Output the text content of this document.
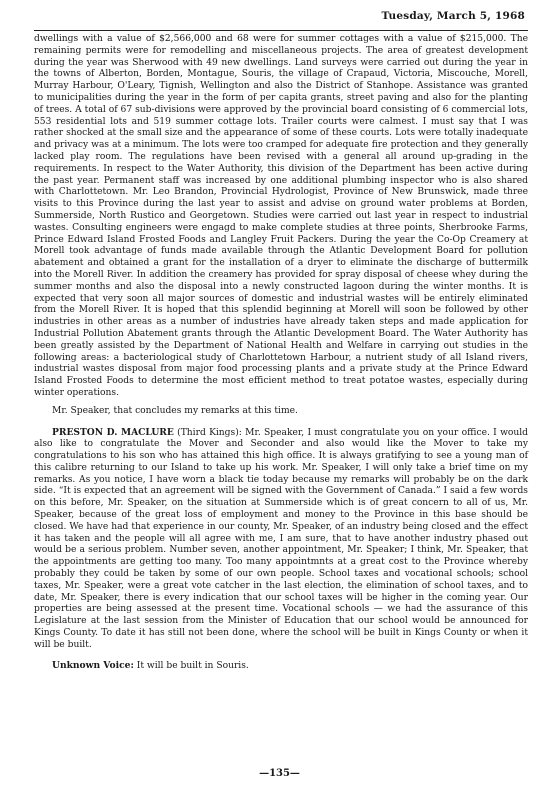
Tuesday, March 5, 1968

dwellings with a value of $2,566,000 and 68 were for summer cottages with a value of $215,000. The remaining permits were for remodelling and miscellaneous projects. The area of greatest development during the year was Sherwood with 49 new dwellings. Land surveys were carried out during the year in the towns of Alberton, Borden, Montague, Souris, the village of Crapaud, Victoria, Miscouche, Morell, Murray Harbour, O'Leary, Tignish, Wellington and also the District of Stanhope. Assistance was granted to municipalities during the year in the form of per capita grants, street paving and also for the planting of trees. A total of 67 sub-divisions were approved by the provincial board consisting of 6 commercial lots, 553 residential lots and 519 summer cottage lots. Trailer courts were calmest. I must say that I was rather shocked at the small size and the appearance of some of these courts. Lots were totally inadequate and privacy was at a minimum. The lots were too cramped for adequate fire protection and they generally lacked play room. The regulations have been revised with a general all around up-grading in the requirements. In respect to the Water Authority, this division of the Department has been active during the past year. Permanent staff was increased by one additional plumbing inspector who is also shared with Charlottetown. Mr. Leo Brandon, Provincial Hydrologist, Province of New Brunswick, made three visits to this Province during the last year to assist and advise on ground water problems at Borden, Summerside, North Rustico and Georgetown. Studies were carried out last year in respect to industrial wastes. Consulting engineers were engagd to make complete studies at three points, Sherbrooke Farms, Prince Edward Island Frosted Foods and Langley Fruit Packers. During the year the Co-Op Creamery at Morell took advantage of funds made available through the Atlantic Development Board for pollution abatement and obtained a grant for the installation of a dryer to eliminate the discharge of buttermilk into the Morell River. In addition the creamery has provided for spray disposal of cheese whey during the summer months and also the disposal into a newly constructed lagoon during the winter months. It is expected that very soon all major sources of domestic and industrial wastes will be entirely eliminated from the Morell River. It is hoped that this splendid beginning at Morell will soon be followed by other industries in other areas as a number of industries have already taken steps and made application for Industrial Pollution Abatement grants through the Atlantic Development Board. The Water Authority has been greatly assisted by the Department of National Health and Welfare in carrying out studies in the following areas: a bacteriological study of Charlottetown Harbour, a nutrient study of all Island rivers, industrial wastes disposal from major food processing plants and a private study at the Prince Edward Island Frosted Foods to determine the most efficient method to treat potatoe wastes, especially during winter operations.

Mr. Speaker, that concludes my remarks at this time.

PRESTON D. MACLURE (Third Kings): Mr. Speaker, I must congratulate you on your office. I would also like to congratulate the Mover and Seconder and also would like the Mover to take my congratulations to his son who has attained this high office. It is always gratifying to see a young man of this calibre returning to our Island to take up his work. Mr. Speaker, I will only take a brief time on my remarks. As you notice, I have worn a black tie today because my remarks will probably be on the dark side. “It is expected that an agreement will be signed with the Government of Canada.” I said a few words on this before, Mr. Speaker, on the situation at Summerside which is of great concern to all of us, Mr. Speaker, because of the great loss of employment and money to the Province in this base should be closed. We have had that experience in our county, Mr. Speaker, of an industry being closed and the effect it has taken and the people will all agree with me, I am sure, that to have another industry phased out would be a serious problem. Number seven, another appointment, Mr. Speaker; I think, Mr. Speaker, that the appointments are getting too many. Too many appointmnts at a great cost to the Province whereby probably they could be taken by some of our own people. School taxes and vocational schools; school taxes, Mr. Speaker, were a great vote catcher in the last election, the elimination of school taxes, and to date, Mr. Speaker, there is every indication that our school taxes will be higher in the coming year. Our properties are being assessed at the present time. Vocational schools — we had the assurance of this Legislature at the last session from the Minister of Education that our school would be announced for Kings County. To date it has still not been done, where the school will be built in Kings County or when it will be built.

Unknown Voice: It will be built in Souris.

—135—
